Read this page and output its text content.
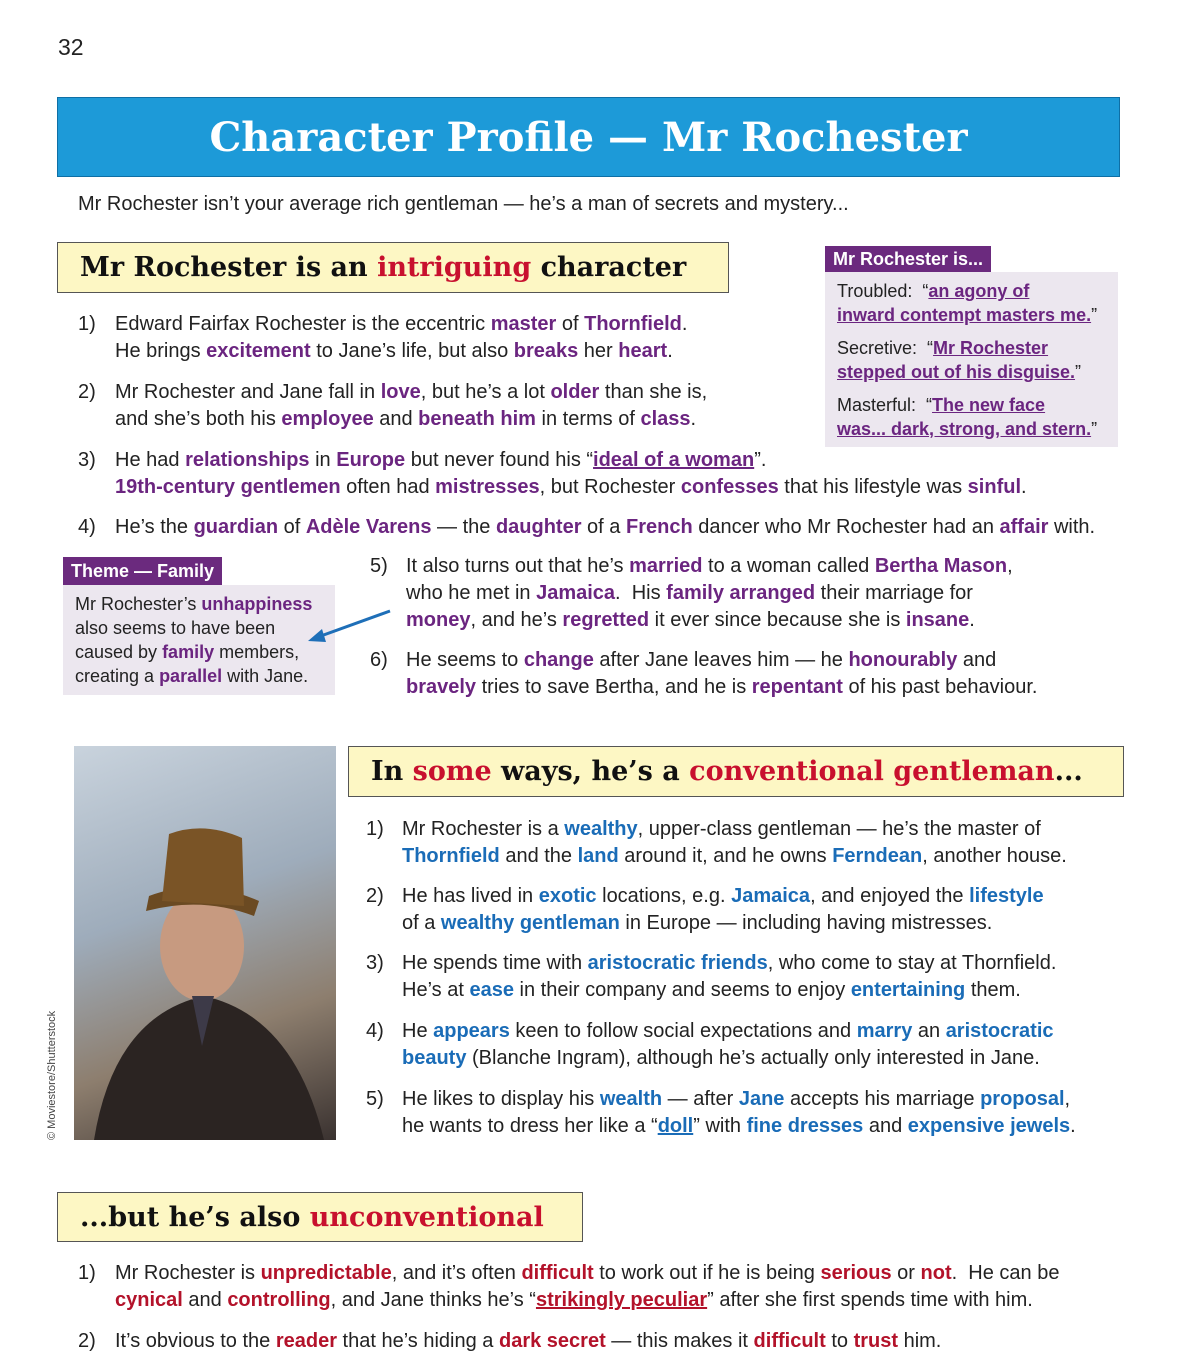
32
Character Profile — Mr Rochester
Mr Rochester isn’t your average rich gentleman — he’s a man of secrets and mystery...
Mr Rochester is an intriguing character	Mr Rochester is...
Troubled:  “an agony of
inward contempt masters me.”
Secretive:  “Mr Rochester
stepped out of his disguise.”
Masterful:  “The new face
was... dark, strong, and stern.”
1) Edward Fairfax Rochester is the eccentric master of Thornfield.
He brings excitement to Jane’s life, but also breaks her heart.
2) Mr Rochester and Jane fall in love, but he’s a lot older than she is,
and she’s both his employee and beneath him in terms of class.
3) He had relationships in Europe but never found his “ideal of a woman”.
19th-century gentlemen often had mistresses, but Rochester confesses that his lifestyle was sinful.
4) He’s the guardian of Adèle Varens — the daughter of a French dancer who Mr Rochester had an affair with.
Theme — Family
Mr Rochester’s unhappiness
also seems to have been
caused by family members,
creating a parallel with Jane.
5) It also turns out that he’s married to a woman called Bertha Mason,
who he met in Jamaica.  His family arranged their marriage for
money, and he’s regretted it ever since because she is insane.
6) He seems to change after Jane leaves him — he honourably and
bravely tries to save Bertha, and he is repentant of his past behaviour.
© Moviestore/Shutterstock
In some ways, he’s a conventional gentleman ...
1) Mr Rochester is a wealthy, upper-class gentleman — he’s the master of
Thornfield and the land around it, and he owns Ferndean, another house.
2) He has lived in exotic locations, e.g. Jamaica, and enjoyed the lifestyle
of a wealthy gentleman in Europe — including having mistresses.
3) He spends time with aristocratic friends, who come to stay at Thornfield.
He’s at ease in their company and seems to enjoy entertaining them.
4) He appears keen to follow social expectations and marry an aristocratic
beauty (Blanche Ingram), although he’s actually only interested in Jane.
5) He likes to display his wealth — after Jane accepts his marriage proposal,
he wants to dress her like a “doll” with fine dresses and expensive jewels.
...but he’s also unconventional
1) Mr Rochester is unpredictable, and it’s often difficult to work out if he is being serious or not.  He can be
cynical and controlling, and Jane thinks he’s “strikingly peculiar” after she first spends time with him.
2) It’s obvious to the reader that he’s hiding a dark secret — this makes it difficult to trust him.
